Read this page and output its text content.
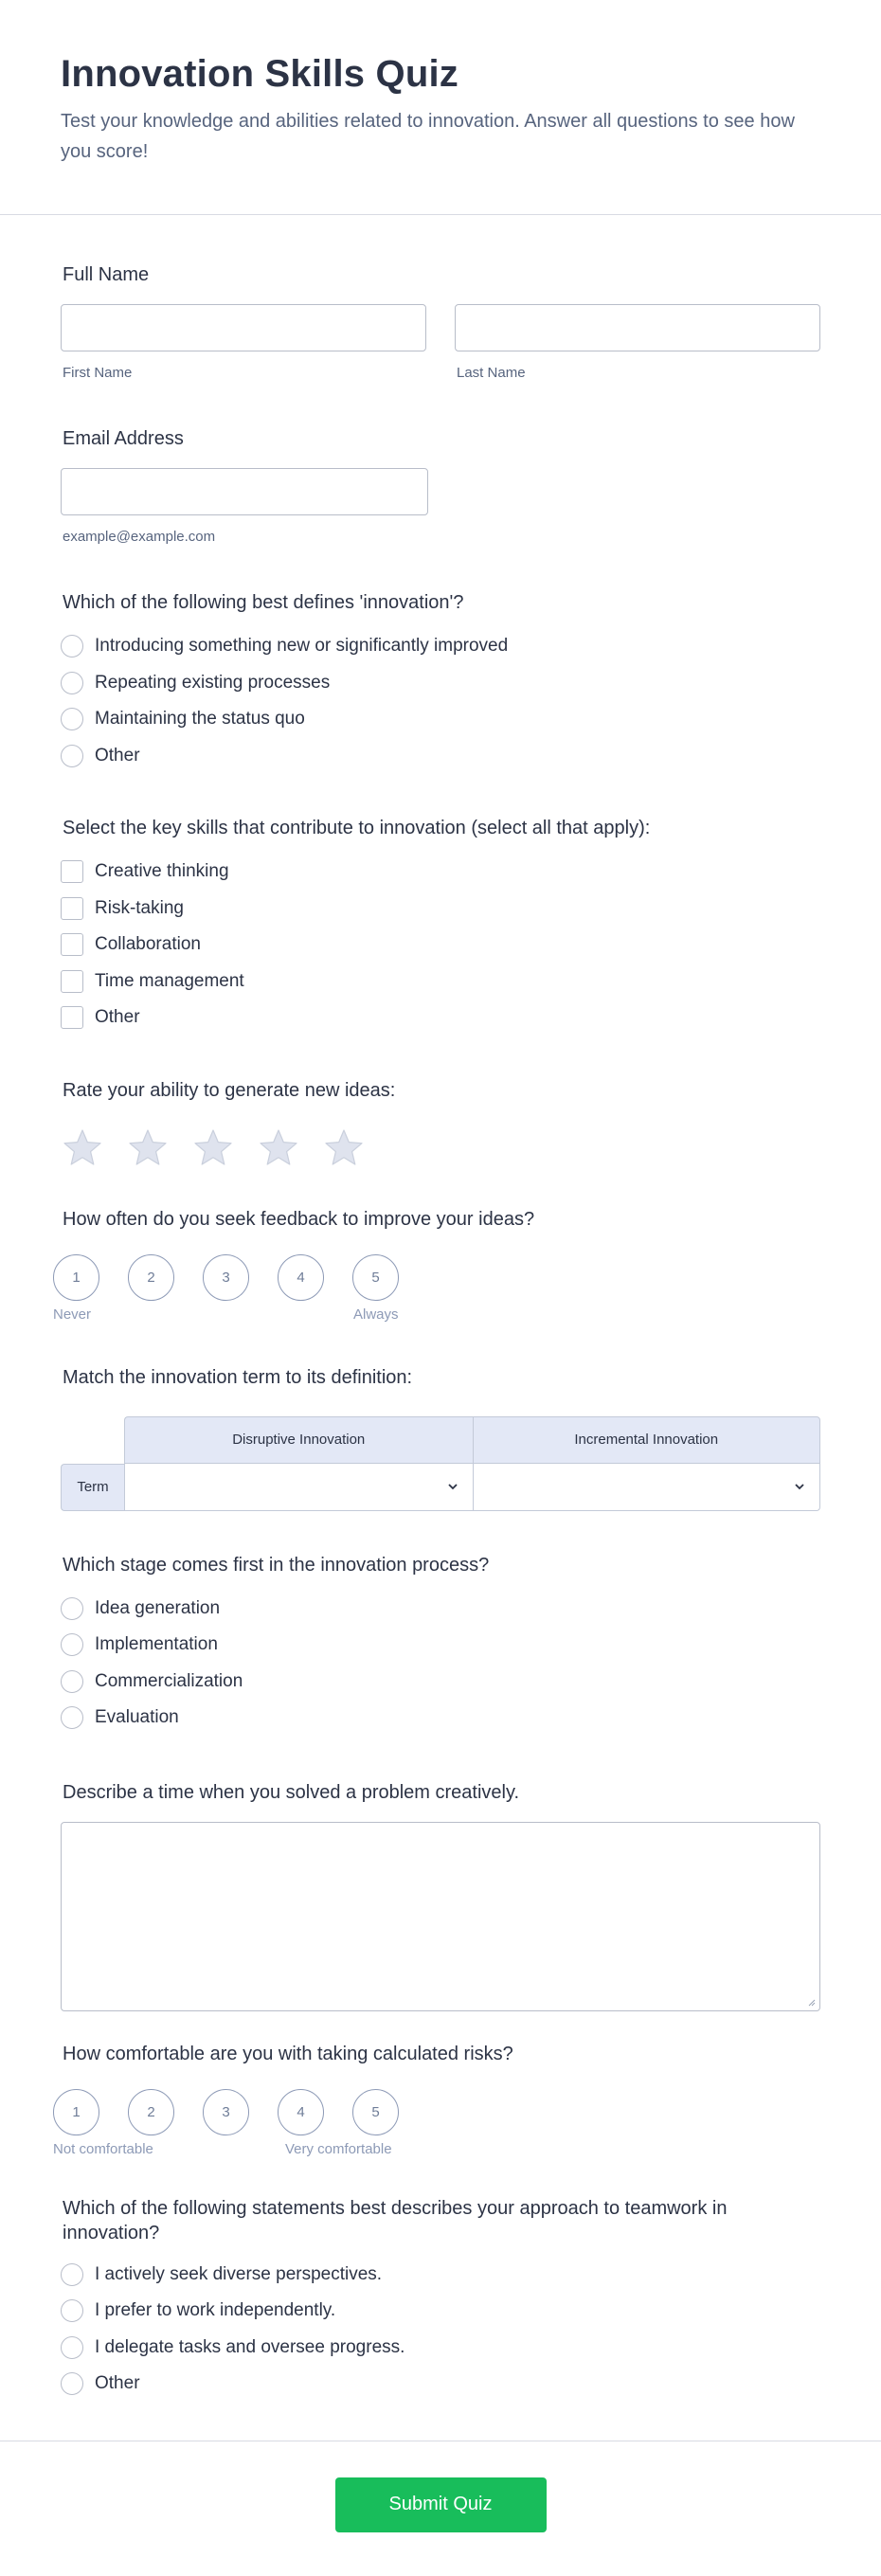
Innovation Skills Quiz

Test your knowledge and abilities related to innovation. Answer all questions to see how you score!

Full Name
First Name	Last Name
Email Address
example@example.com
Which of the following best defines 'innovation'?
Introducing something new or significantly improved
Repeating existing processes
Maintaining the status quo
Other
Select the key skills that contribute to innovation (select all that apply):
Creative thinking
Risk-taking
Collaboration
Time management
Other
Rate your ability to generate new ideas:
How often do you seek feedback to improve your ideas?
1	2	3	4	5
Never	Always
Match the innovation term to its definition:
Disruptive Innovation	Incremental Innovation
Term
Which stage comes first in the innovation process?
Idea generation
Implementation
Commercialization
Evaluation
Describe a time when you solved a problem creatively.
How comfortable are you with taking calculated risks?
1	2	3	4	5
Not comfortable	Very comfortable
Which of the following statements best describes your approach to teamwork in innovation?
I actively seek diverse perspectives.
I prefer to work independently.
I delegate tasks and oversee progress.
Other
Submit Quiz
